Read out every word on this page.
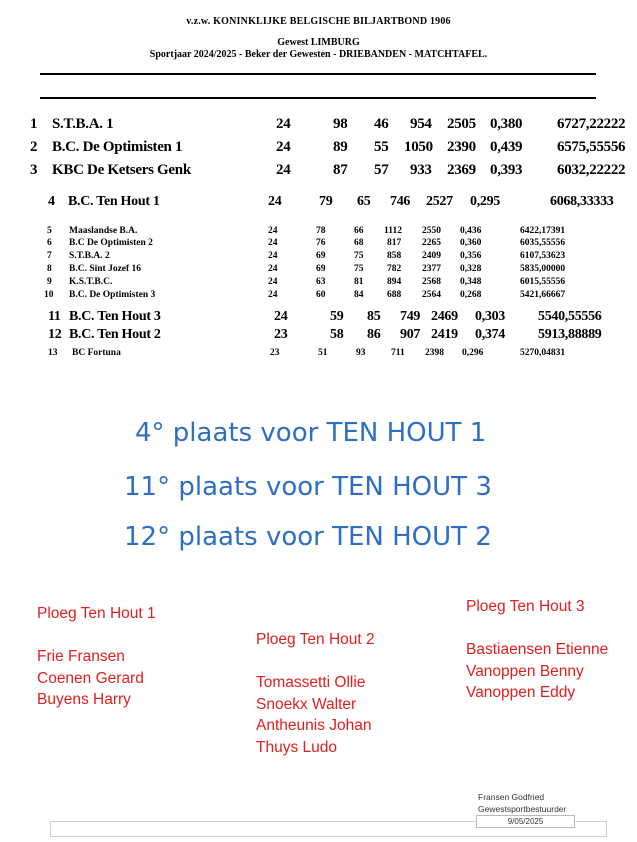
v.z.w. KONINKLIJKE BELGISCHE BILJARTBOND 1906
Gewest LIMBURG
Sportjaar 2024/2025 - Beker der Gewesten - DRIEBANDEN - MATCHTAFEL.
1 S.T.B.A. 1	24	98 46 954 2505 0,380 6727,22222
2 B.C. De Optimisten 1	24	89 55 1050 2390 0,439 6575,55556
3 KBC De Ketsers Genk	24	87 57 933 2369 0,393 6032,22222
4 B.C. Ten Hout 1	24	79 65 746 2527 0,295	6068,33333
5 Maaslandse B.A.	24	78	66 1112 2550 0,436	6422,17391
6 B.C De Optimisten 2	24	76	68 817 2265 0,360	6035,55556
7 S.T.B.A. 2	24	69	75 858 2409 0,356	6107,53623
8 B.C. Sint Jozef 16	24	69	75 782 2377 0,328	5835,00000
9 K.S.T.B.C.	24	63	81 894 2568 0,348	6015,55556
10 B.C. De Optimisten 3	24	60	84 688 2564 0,268	5421,66667
11 B.C. Ten Hout 3	24	59 85 749 2469 0,303 5540,55556
12 B.C. Ten Hout 2	23	58 86 907 2419 0,374 5913,88889
13 BC Fortuna	23	51	93	711 2398 0,296	5270,04831
4° plaats voor TEN HOUT 1
11° plaats voor TEN HOUT 3
12° plaats voor TEN HOUT 2
Ploeg Ten Hout 1
Frie Fransen
Coenen Gerard
Buyens Harry
Ploeg Ten Hout 2
Tomassetti Ollie
Snoekx Walter
Antheunis Johan
Thuys Ludo
Ploeg Ten Hout 3
Bastiaensen Etienne
Vanoppen Benny
Vanoppen Eddy
Fransen Godfried
Gewestsportbestuurder
9/05/2025
